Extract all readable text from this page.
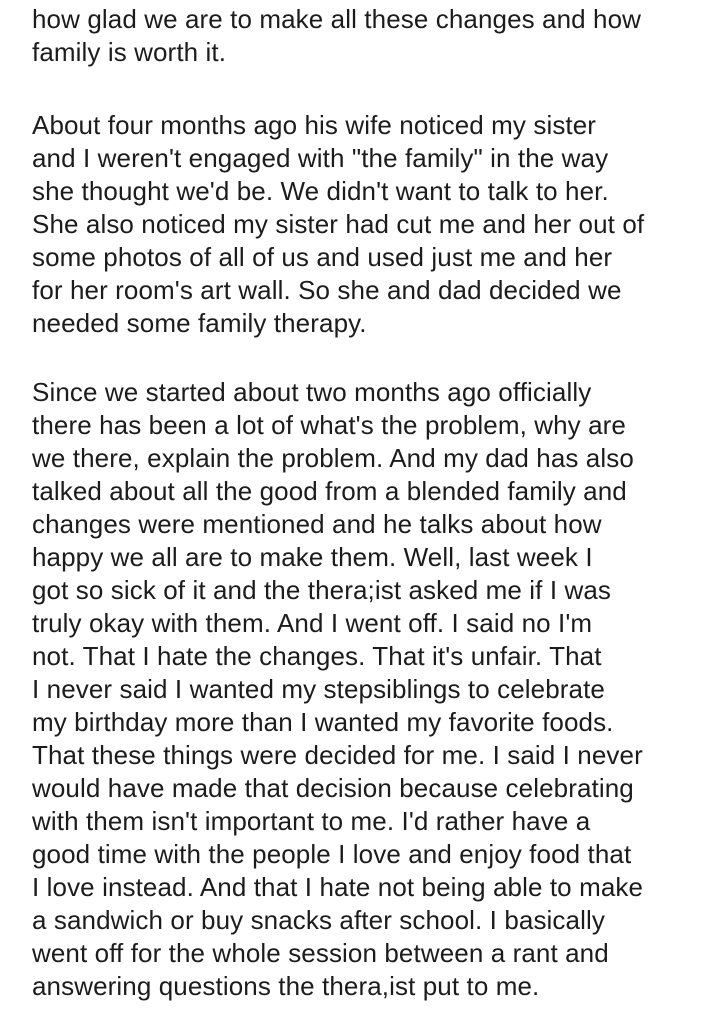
how glad we are to make all these changes and how
family is worth it.
About four months ago his wife noticed my sister
and I weren't engaged with "the family" in the way
she thought we'd be. We didn't want to talk to her.
She also noticed my sister had cut me and her out of
some photos of all of us and used just me and her
for her room's art wall. So she and dad decided we
needed some family therapy.
Since we started about two months ago officially
there has been a lot of what's the problem, why are
we there, explain the problem. And my dad has also
talked about all the good from a blended family and
changes were mentioned and he talks about how
happy we all are to make them. Well, last week I
got so sick of it and the thera;ist asked me if I was
truly okay with them. And I went off. I said no I'm
not. That I hate the changes. That it's unfair. That
I never said I wanted my stepsiblings to celebrate
my birthday more than I wanted my favorite foods.
That these things were decided for me. I said I never
would have made that decision because celebrating
with them isn't important to me. I'd rather have a
good time with the people I love and enjoy food that
I love instead. And that I hate not being able to make
a sandwich or buy snacks after school. I basically
went off for the whole session between a rant and
answering questions the thera,ist put to me.
